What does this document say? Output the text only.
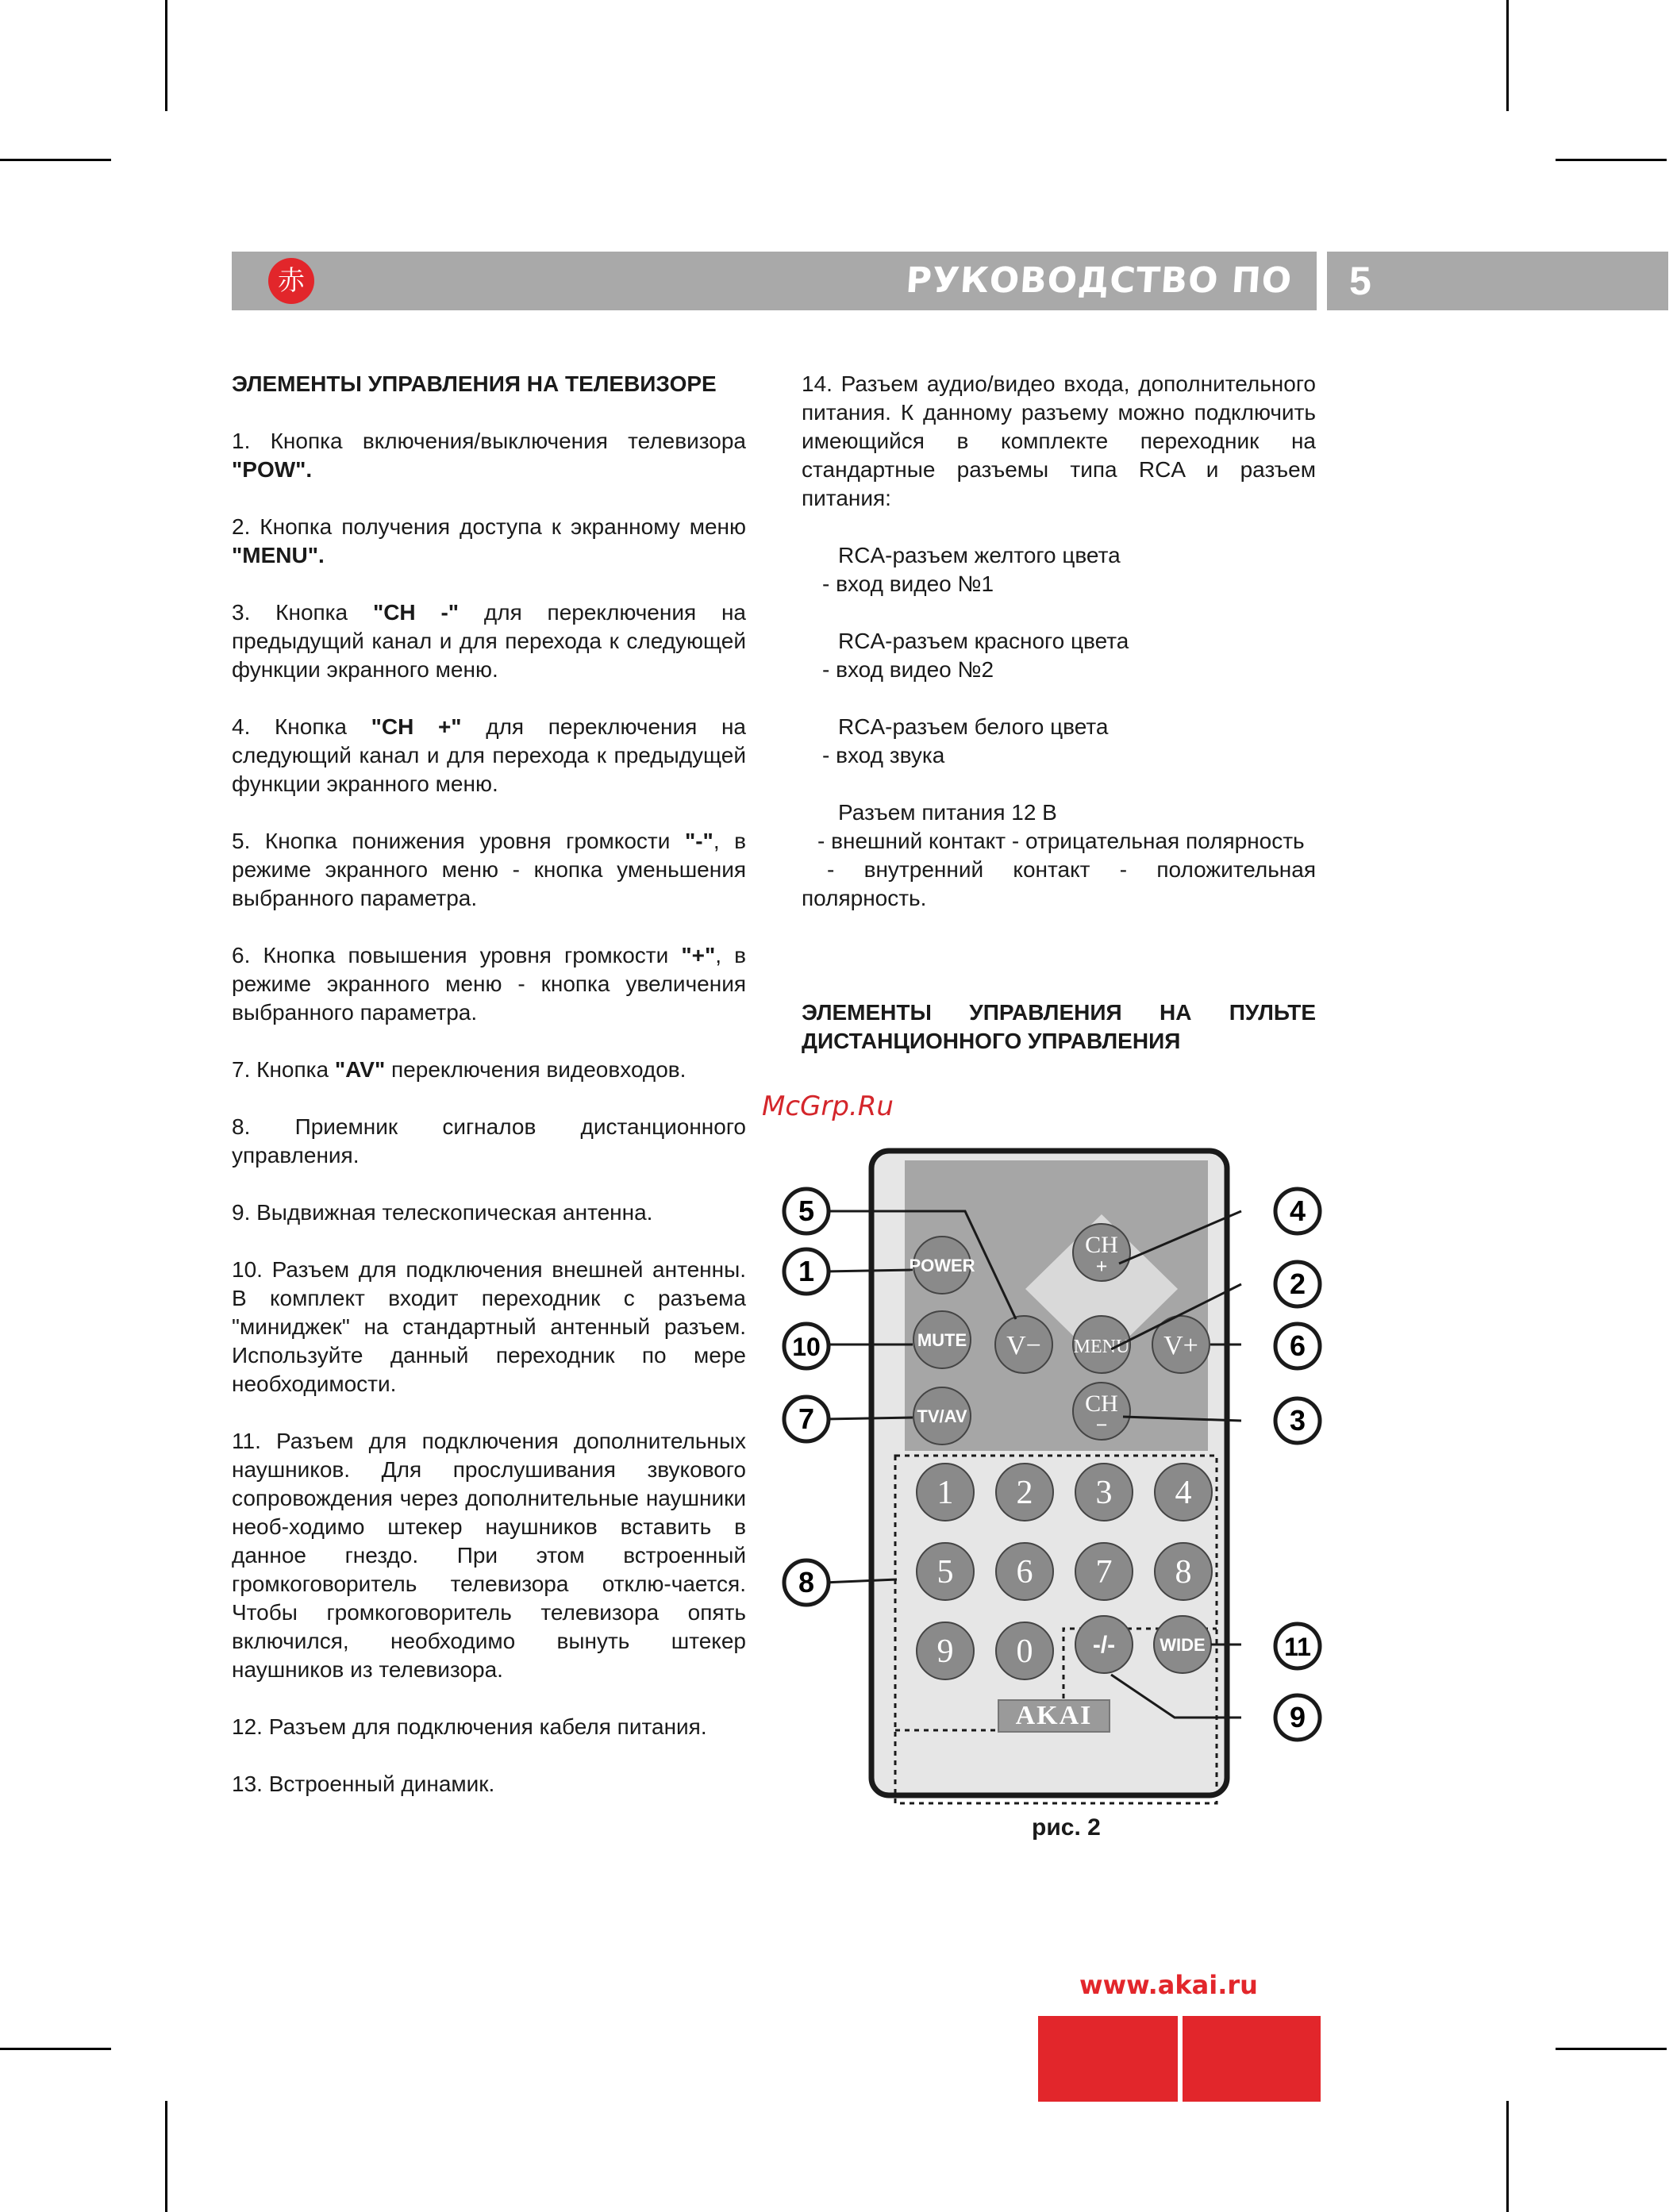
赤	РУКОВОДСТВО ПО ЭКСПЛУАТАЦИИ
5

ЭЛЕМЕНТЫ УПРАВЛЕНИЯ НА ТЕЛЕВИЗОРЕ

1. Кнопка включения/выключения телевизора "POW".

2. Кнопка получения доступа к экранному меню "MENU".

3. Кнопка "CH -" для переключения на предыдущий канал и для перехода к следующей функции экранного меню.

4. Кнопка "CH +" для переключения на следующий канал и для перехода к предыдущей функции экранного меню.

5. Кнопка понижения уровня громкости "-", в режиме экранного меню - кнопка уменьшения выбранного параметра.

6. Кнопка повышения уровня громкости "+", в режиме экранного меню - кнопка увеличения выбранного параметра.

7. Кнопка "AV" переключения видеовходов.

8. Приемник сигналов дистанционного управления.

9. Выдвижная телескопическая антенна.

10. Разъем для подключения внешней антенны. В комплект входит переходник с разъема "миниджек" на стандартный антенный разъем. Используйте данный переходник по мере необходимости.

11. Разъем для подключения дополнительных наушников. Для прослушивания звукового сопровождения через дополнительные наушники необ-ходимо штекер наушников вставить в данное гнездо. При этом встроенный громкоговоритель телевизора отклю-чается. Чтобы громкоговоритель телевизора опять включился, необходимо вынуть штекер наушников из телевизора.

12. Разъем для подключения кабеля питания.

13. Встроенный динамик.

14. Разъем аудио/видео входа, дополнительного питания. К данному разъему можно подключить имеющийся в комплекте переходник на стандартные разъемы типа RCA и разъем питания:

RCA-разъем желтого цвета
- вход видео №1
RCA-разъем красного цвета
- вход видео №2
RCA-разъем белого цвета
- вход звука
Разъем питания 12 В
- внешний контакт - отрицательная полярность
- внутренний контакт - положительная полярность.

ЭЛЕМЕНТЫ УПРАВЛЕНИЯ НА ПУЛЬТЕ ДИСТАНЦИОННОГО УПРАВЛЕНИЯ

McGrp.Ru
POWER
MUTE
TV/AV
CH
+
CH
−
V− MENU V+
1 2 3 4
5 6 7 8
9 0	-/-	WIDE
AKAI
5
1
10
7
8
4
2
6
3
11
9
рис. 2
www.akai.ru
